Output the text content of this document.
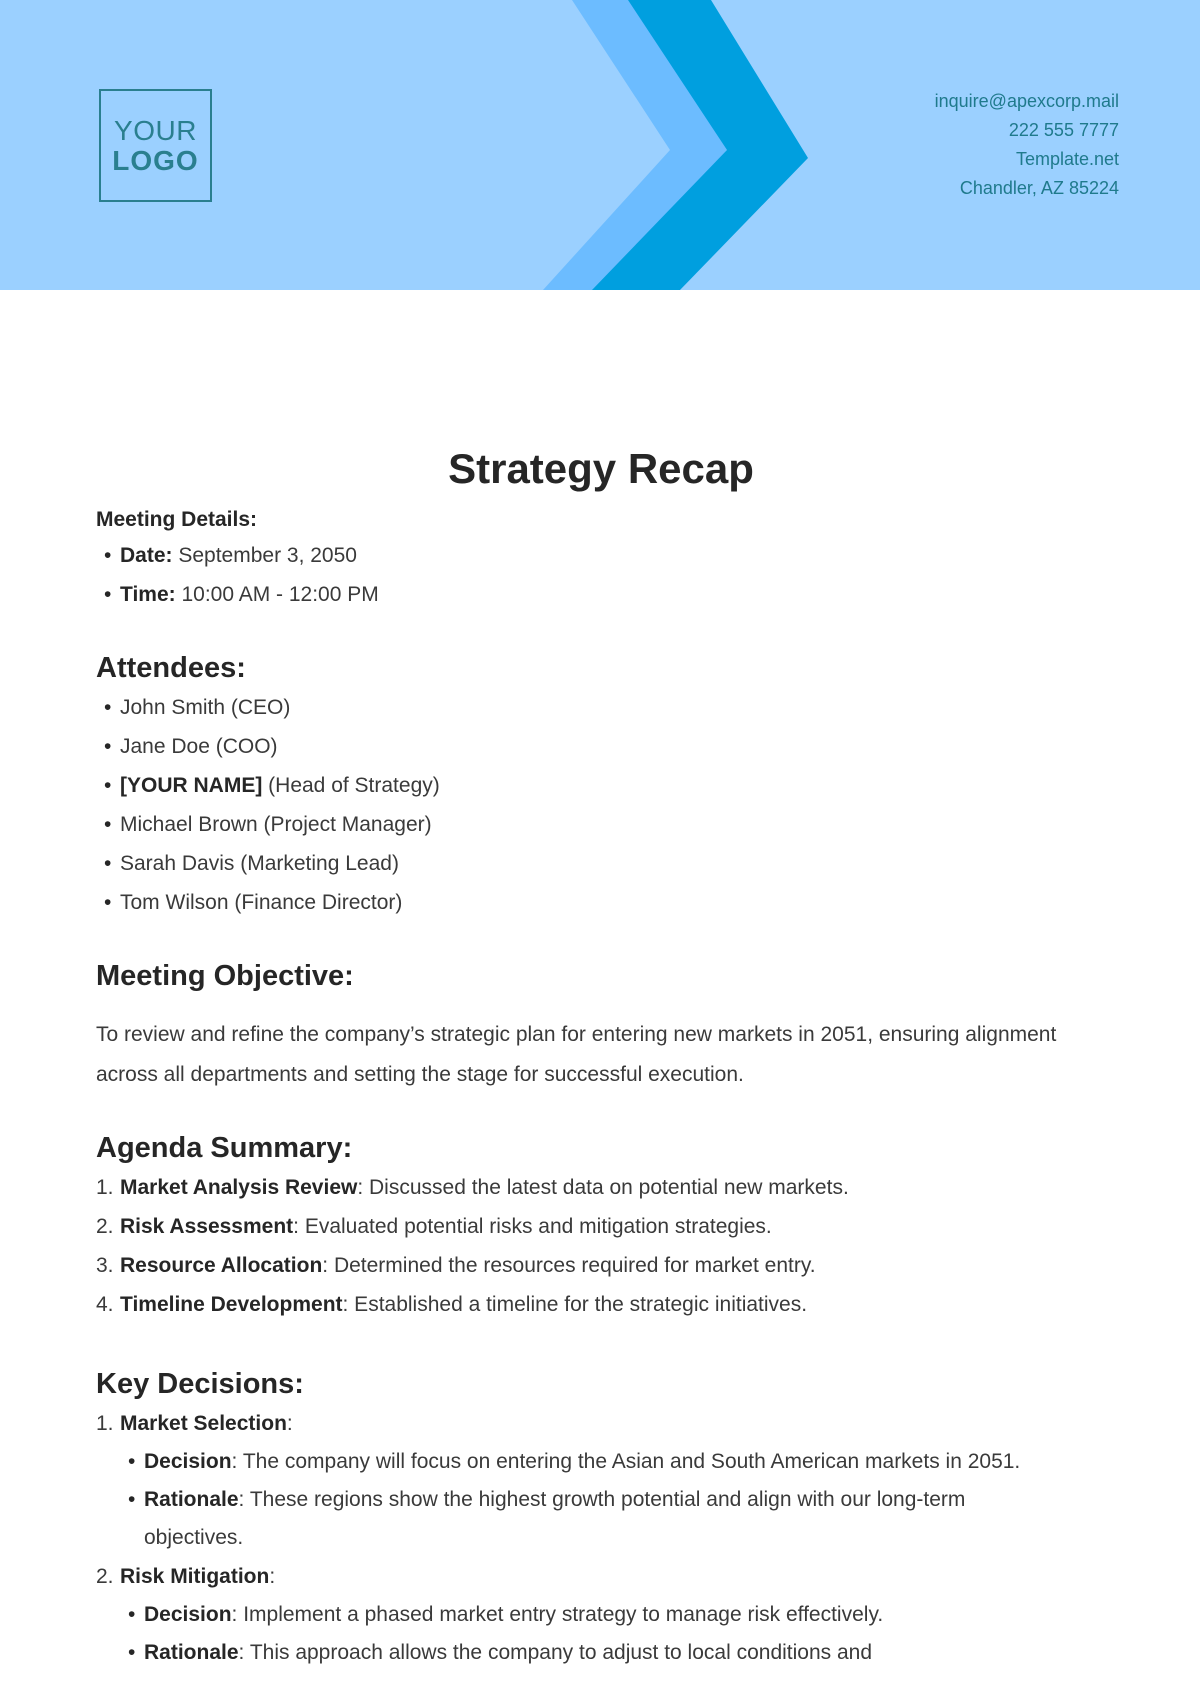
YOUR
LOGO
inquire@apexcorp.mail
222 555 7777
Template.net
Chandler, AZ 85224
Strategy Recap
Meeting Details:
•
Date: September 3, 2050
•
Time: 10:00 AM - 12:00 PM
Attendees:
•
John Smith (CEO)
•
Jane Doe (COO)
•
[YOUR NAME] (Head of Strategy)
•
Michael Brown (Project Manager)
•
Sarah Davis (Marketing Lead)
•
Tom Wilson (Finance Director)
Meeting Objective:

To review and refine the company’s strategic plan for entering new markets in 2051, ensuring alignment across all departments and setting the stage for successful execution.

Agenda Summary:
1. Market Analysis Review: Discussed the latest data on potential new markets.
2. Risk Assessment: Evaluated potential risks and mitigation strategies.
3. Resource Allocation: Determined the resources required for market entry.
4. Timeline Development: Established a timeline for the strategic initiatives.
Key Decisions:
1. Market Selection:
•
Decision: The company will focus on entering the Asian and South American markets in 2051.
•
Rationale: These regions show the highest growth potential and align with our long-term objectives.
2. Risk Mitigation:
•
Decision: Implement a phased market entry strategy to manage risk effectively.
•
Rationale: This approach allows the company to adjust to local conditions and
